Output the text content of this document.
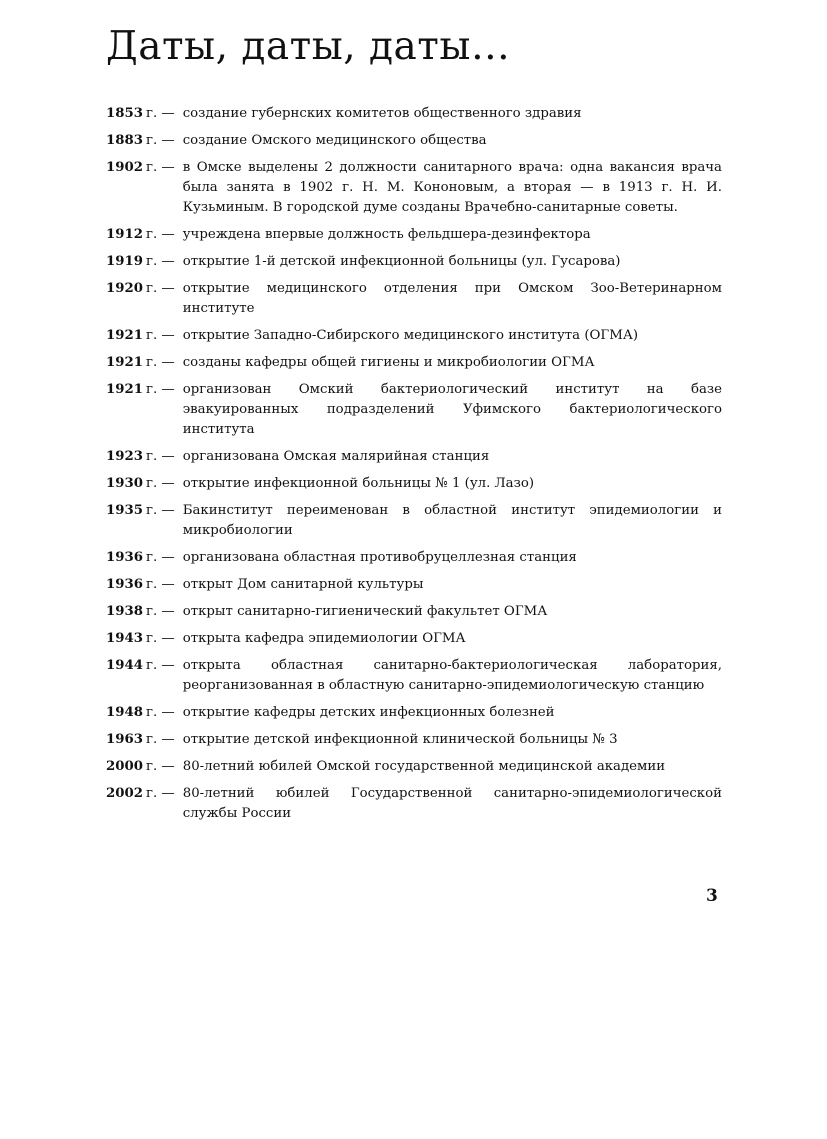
Даты, даты, даты…
1853 г. — создание губернских комитетов общественного здравия
1883 г. — создание Омского медицинского общества
1902 г. — в Омске выделены 2 должности санитарного врача: одна вакансия врача была занята в 1902 г. Н. М. Кононовым, а вторая — в 1913 г. Н. И. Кузьминым. В городской думе созданы Врачебно-санитарные советы.
1912 г. — учреждена впервые должность фельдшера-дезинфектора
1919 г. — открытие 1-й детской инфекционной больницы (ул. Гусарова)
1920 г. — открытие медицинского отделения при Омском Зоо-Ветеринарном институте
1921 г. — открытие Западно-Сибирского медицинского института (ОГМА)
1921 г. — созданы кафедры общей гигиены и микробиологии ОГМА
1921 г. — организован Омский бактериологический институт на базе эвакуированных подразделений Уфимского бактериологического института
1923 г. — организована Омская малярийная станция
1930 г. — открытие инфекционной больницы № 1 (ул. Лазо)
1935 г. — Бакинститут переименован в областной институт эпидемиологии и микробиологии
1936 г. — организована областная противобруцеллезная станция
1936 г. — открыт Дом санитарной культуры
1938 г. — открыт санитарно-гигиенический факультет ОГМА
1943 г. — открыта кафедра эпидемиологии ОГМА
1944 г. — открыта областная санитарно-бактериологическая лаборатория, реорганизованная в областную санитарно-эпидемиологическую станцию
1948 г. — открытие кафедры детских инфекционных болезней
1963 г. — открытие детской инфекционной клинической больницы № 3
2000 г. — 80-летний юбилей Омской государственной медицинской академии
2002 г. — 80-летний юбилей Государственной санитарно-эпидемиологической службы России

3
